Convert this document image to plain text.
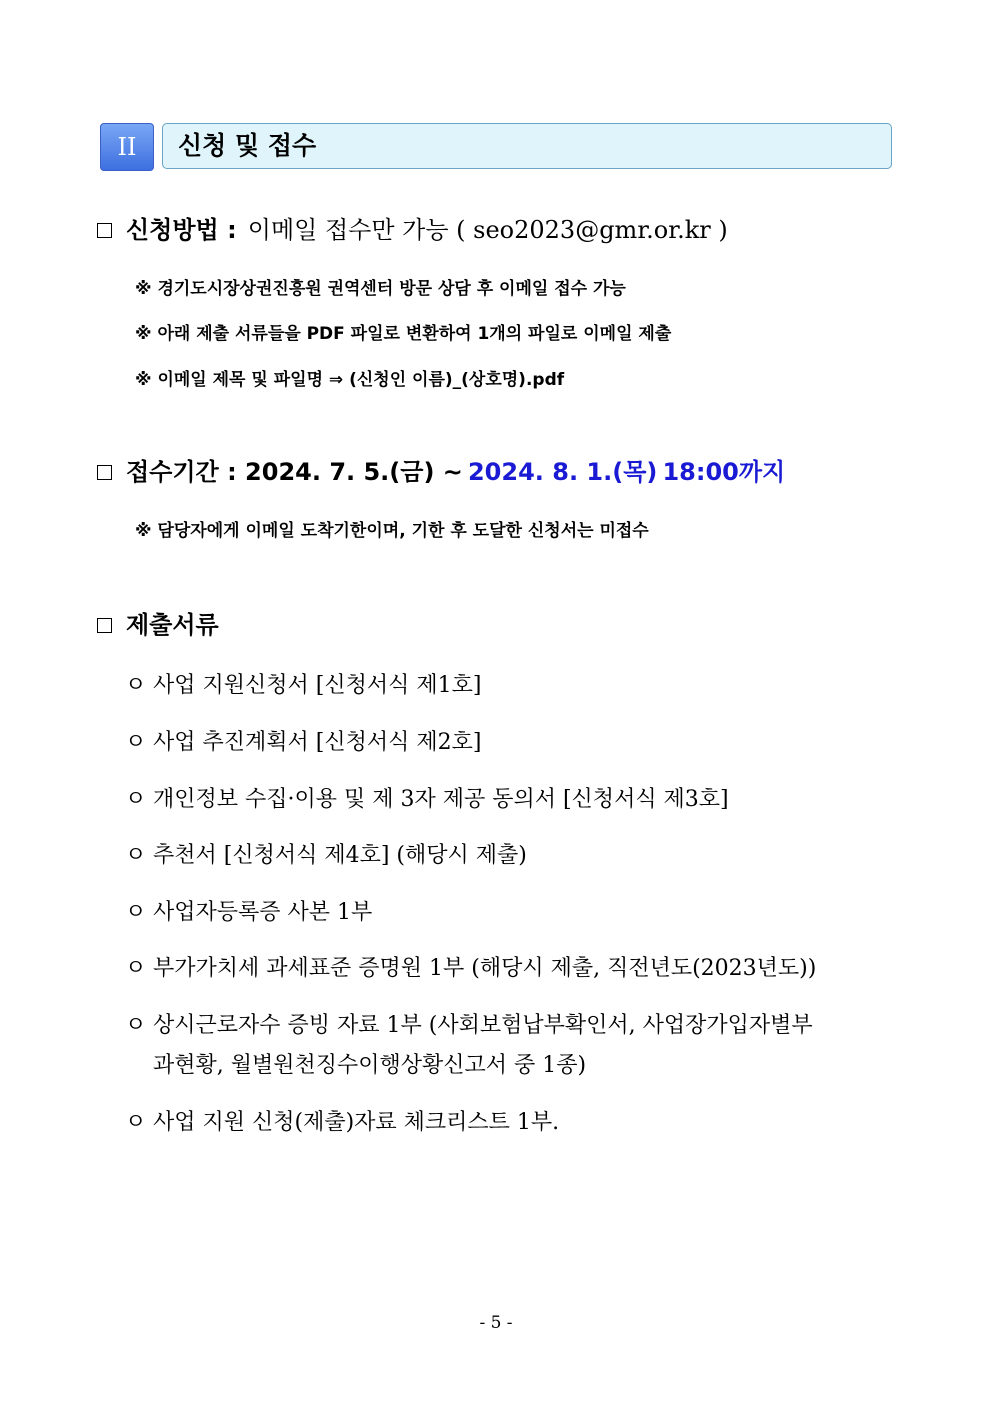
II	신청 및 접수
신청방법 : 이메일 접수만 가능 ( seo2023@gmr.or.kr )
※ 경기도시장상권진흥원 권역센터 방문 상담 후 이메일 접수 가능
※ 아래 제출 서류들을 PDF 파일로 변환하여 1개의 파일로 이메일 제출
※ 이메일 제목 및 파일명 ⇒ (신청인 이름)_(상호명).pdf
접수기간 : 2024. 7. 5.(금) ~ 2024. 8. 1.(목) 18:00까지
※ 담당자에게 이메일 도착기한이며, 기한 후 도달한 신청서는 미접수
제출서류
ㅇ 사업 지원신청서 [신청서식 제1호]
ㅇ 사업 추진계획서 [신청서식 제2호]
ㅇ 개인정보 수집·이용 및 제 3자 제공 동의서 [신청서식 제3호]
ㅇ 추천서 [신청서식 제4호] (해당시 제출)
ㅇ 사업자등록증 사본 1부
ㅇ 부가가치세 과세표준 증명원 1부 (해당시 제출, 직전년도(2023년도))
ㅇ 상시근로자수 증빙 자료 1부 (사회보험납부확인서, 사업장가입자별부
과현황, 월별원천징수이행상황신고서 중 1종)
ㅇ 사업 지원 신청(제출)자료 체크리스트 1부.
- 5 -
